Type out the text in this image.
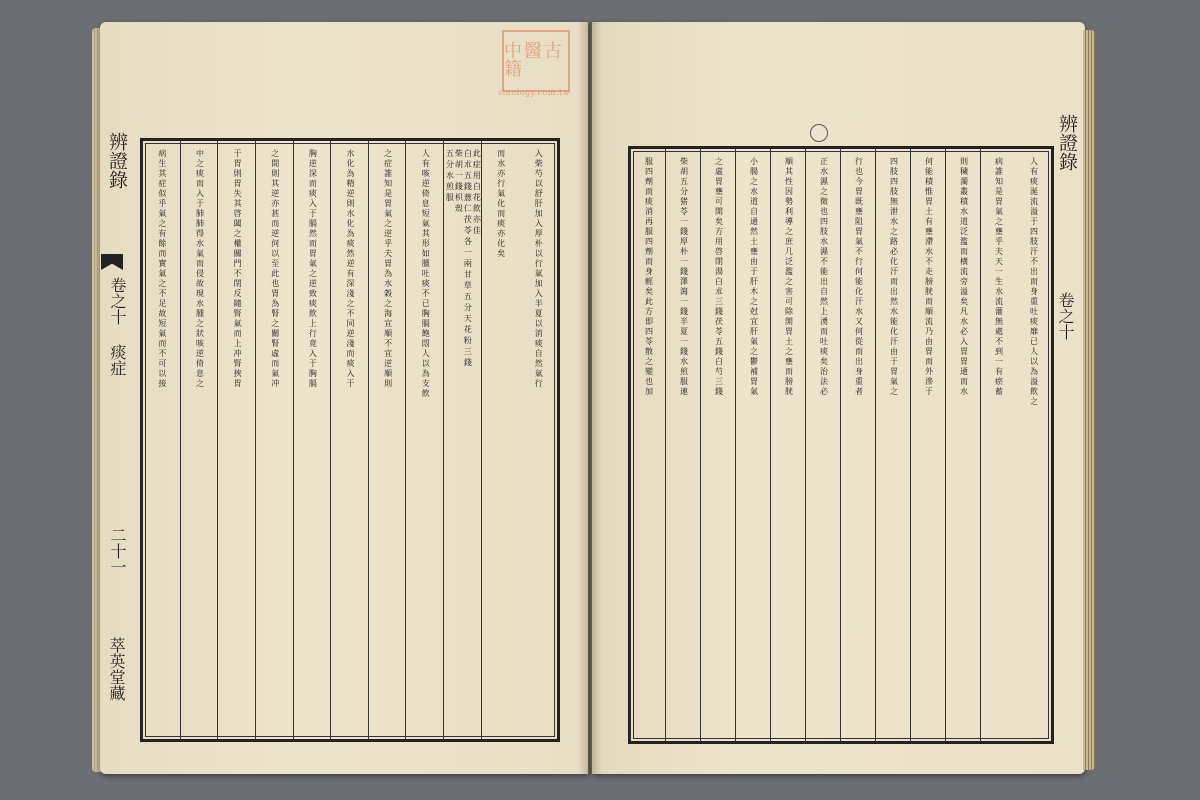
辨證錄
卷之十 痰症
二十一
萃英堂藏
中醫古籍
sinology.com.tw
入柴芍以舒肝加入厚朴以行氣加入半夏以消痰自然氣行
而水亦行氣化而痰亦化矣
此症用白花飲亦佳
白朮五錢薏仁茯苓各一兩甘草五分天花粉三錢
柴胡一錢枳殼
五分水煎服
人有咳逆倚息短氣其形如腫吐痰不已胸膈飽悶人以為支飲
之症誰知是胃氣之逆乎夫胃為水穀之海宜順不宜逆順則
水化為精逆則水化為痰然逆有深淺之不同逆淺而痰入于
胸逆深而痰入于膈然而胃氣之逆致痰飲上行竟入于胸膈
之間則其逆亦甚而逆何以至此也胃為腎之關腎虛而氣冲
于胃則胃失其啓闔之權關門不閉反隨腎氣而上冲腎挾胃
中之痰而入于肺肺得水氣而侵故現水腫之狀咳逆倚息之
病生其症似乎氣之有餘而實氣之不足故短氣而不可以接	人有痰涎流溢于四肢汗不出而身重吐痰靡已人以為溢飲之
病誰知是胃氣之壅乎夫天一生水流灌無處不到一有瘀蓄
則穢濁叢積水道泛濫而橫流旁溢矣凡水必入胃胃通而水
何能積惟胃土有壅滯水不走膀胱而順流乃由胃而外滲于
四肢四肢無泄水之路必化汗而出然水能化汗由于胃氣之
行也今胃既壅阻胃氣不行何能化汗水又何從而出身重者
正水濕之徵也四肢水濕不能出自然上湧而吐痰矣治法必
順其性因勢利導之庶几泛濫之害可除開胃土之壅而膀胱
小腸之水道自通然土壅由于肝木之尅宜肝氣之鬱補胃氣
之虛胃壅可開矣方用啓閉湯白朮三錢茯苓五錢白芍三錢
柴胡五分猪苓一錢厚朴一錢澤瀉一錢半夏一錢水煎服連
服四劑而痰消再服四劑而身輕矣此方即四苓散之變也加
辨證錄
卷之十
